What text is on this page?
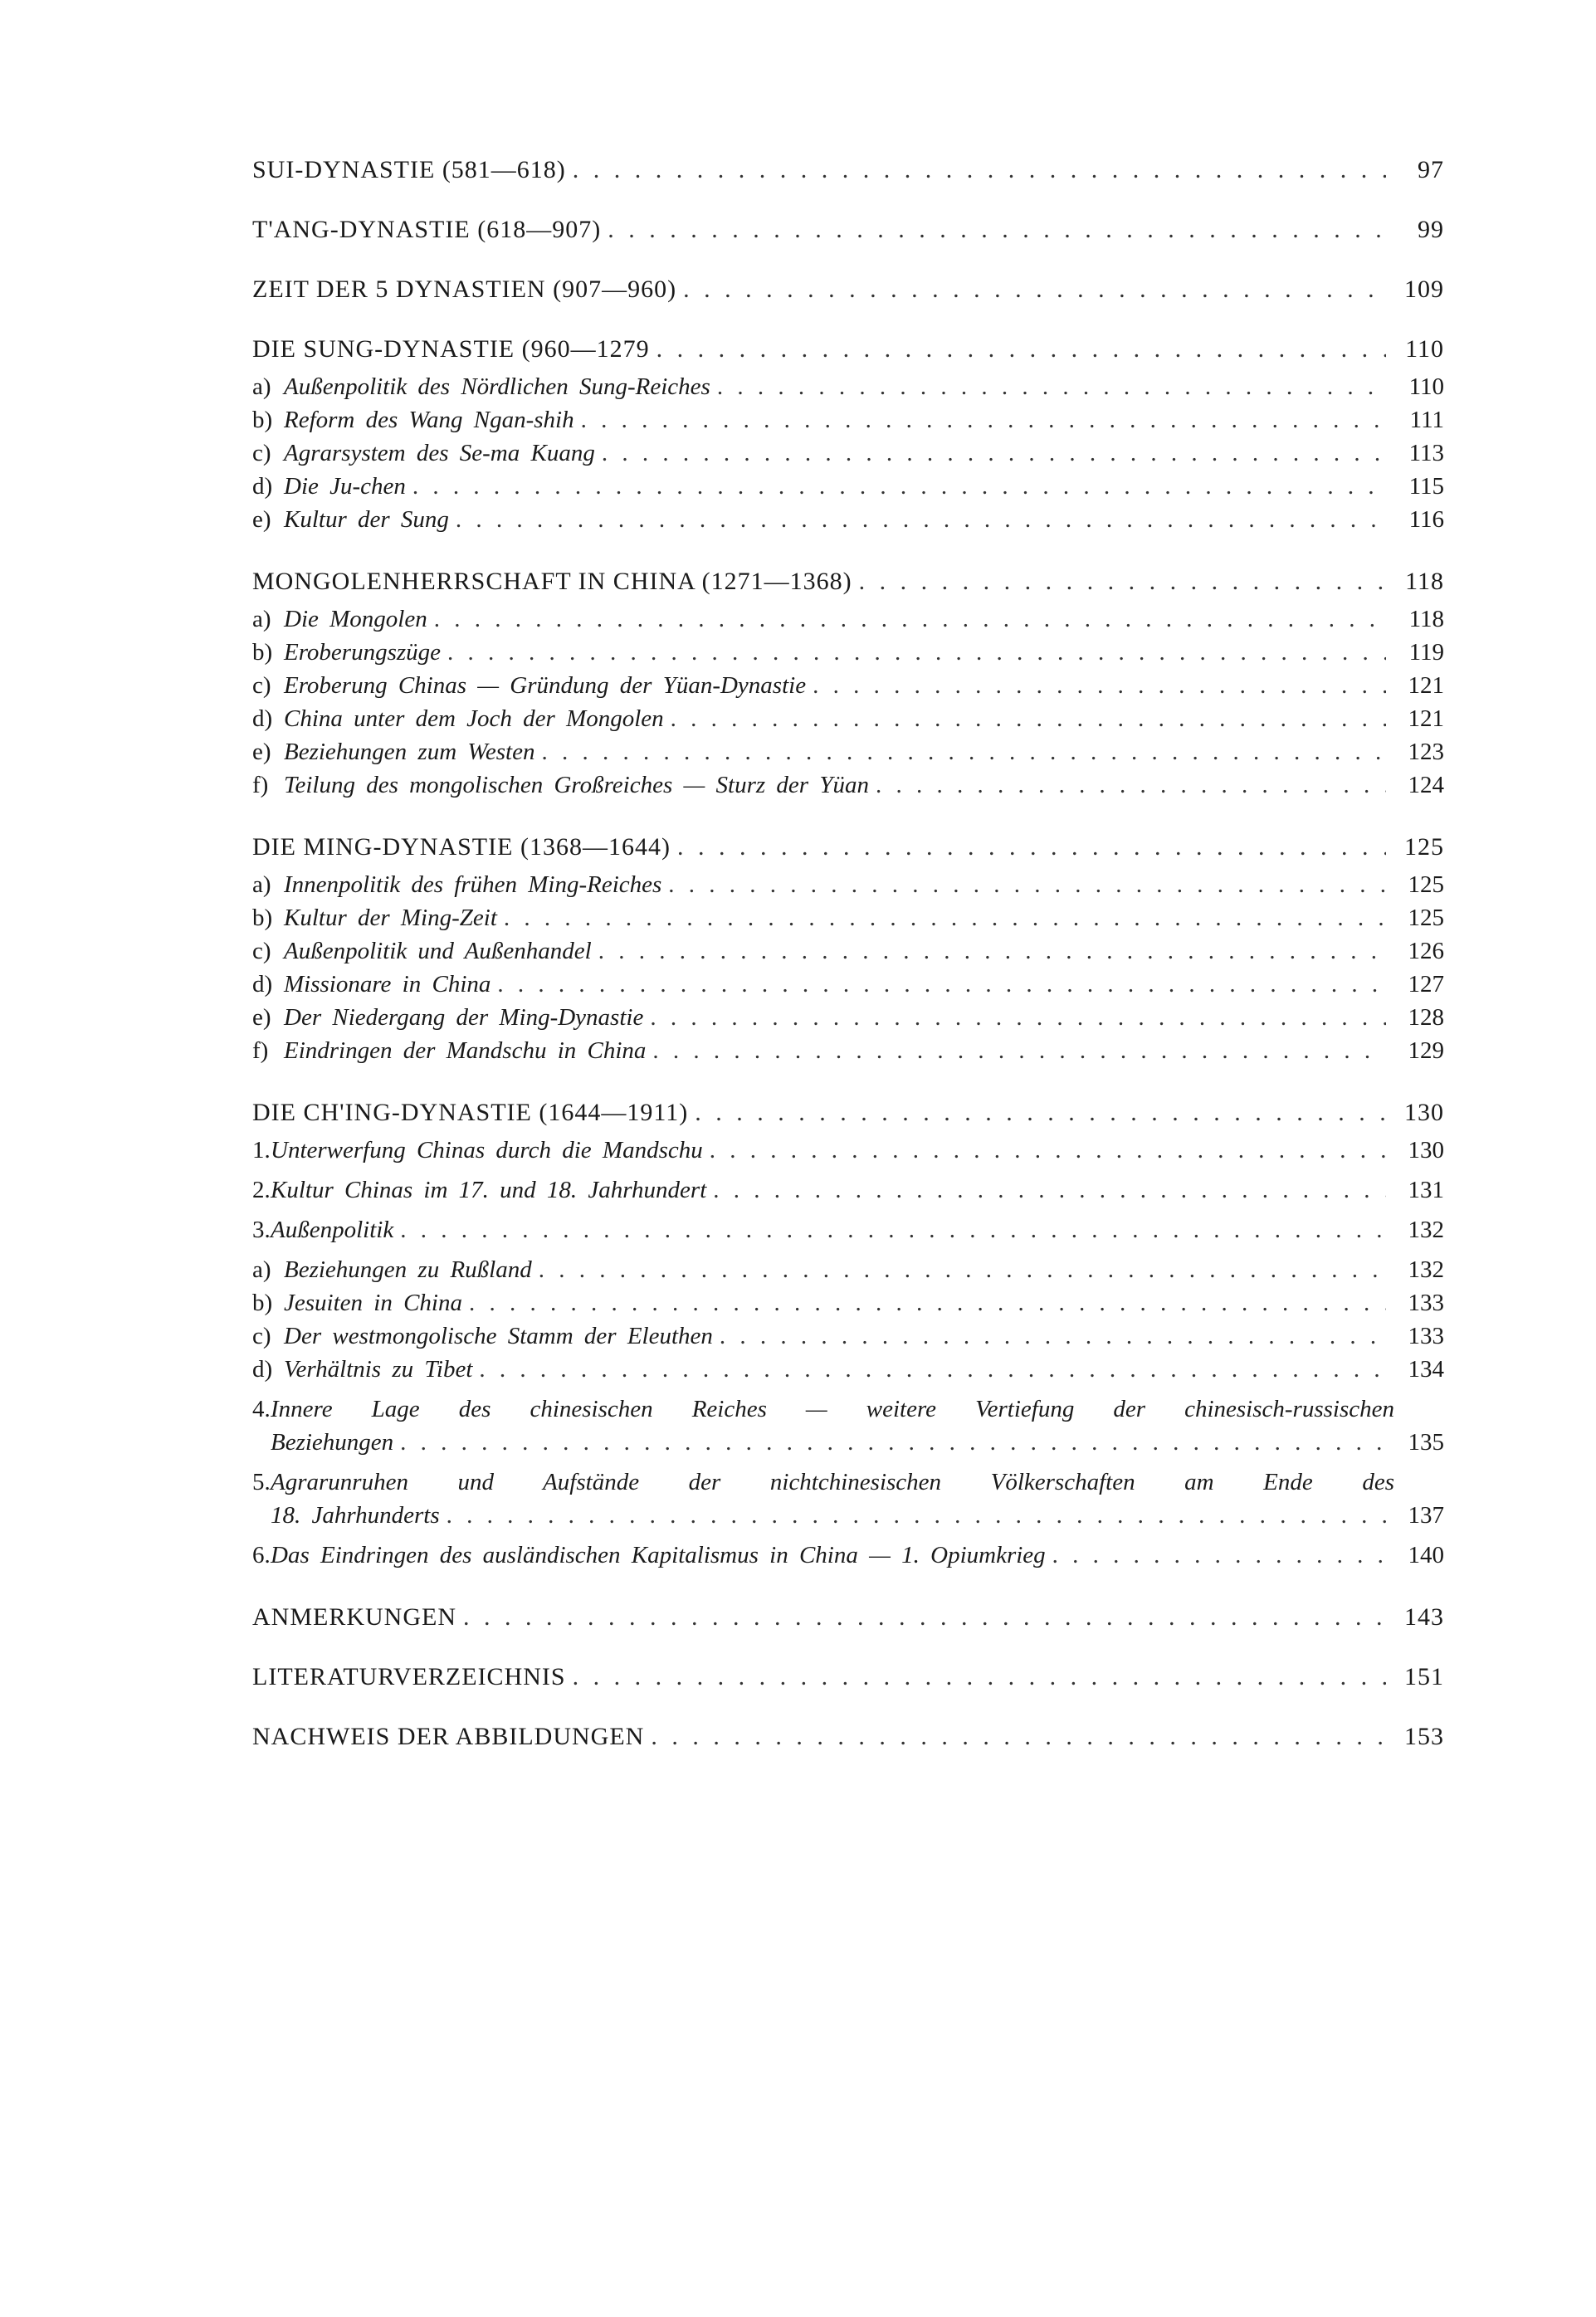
SUI-DYNASTIE (581—618) . . .	97
T'ANG-DYNASTIE (618—907) . . .	99
ZEIT DER 5 DYNASTIEN (907—960) . . .	109
DIE SUNG-DYNASTIE (960—1279 . . .	110
a) Außenpolitik des Nördlichen Sung-Reiches . . .	110
b) Reform des Wang Ngan-shih . . .	111
c) Agrarsystem des Se-ma Kuang . . .	113
d) Die Ju-chen . . .	115
e) Kultur der Sung . . .	116
MONGOLENHERRSCHAFT IN CHINA (1271—1368) . . .	118
a) Die Mongolen . . .	118
b) Eroberungszüge . . .	119
c) Eroberung Chinas — Gründung der Yüan-Dynastie . . .	121
d) China unter dem Joch der Mongolen . . .	121
e) Beziehungen zum Westen . . .	123
f) Teilung des mongolischen Großreiches — Sturz der Yüan . . .	124
DIE MING-DYNASTIE (1368—1644) . . .	125
a) Innenpolitik des frühen Ming-Reiches . . .	125
b) Kultur der Ming-Zeit . . .	125
c) Außenpolitik und Außenhandel . . .	126
d) Missionare in China . . .	127
e) Der Niedergang der Ming-Dynastie . . .	128
f) Eindringen der Mandschu in China . . .	129
DIE CH'ING-DYNASTIE (1644—1911) . . .	130
1.Unterwerfung Chinas durch die Mandschu . . .	130
2.Kultur Chinas im 17. und 18. Jahrhundert . . .	131
3.Außenpolitik . . .	132
a) Beziehungen zu Rußland . . .	132
b) Jesuiten in China . . .	133
c) Der westmongolische Stamm der Eleuthen . . .	133
d) Verhältnis zu Tibet . . .	134
4. Innere Lage des chinesischen Reiches — weitere Vertiefung der chinesisch-russischen
Beziehungen . . .	135
5. Agrarunruhen und Aufstände der nichtchinesischen Völkerschaften am Ende des
18. Jahrhunderts . . .	137
6.Das Eindringen des ausländischen Kapitalismus in China — 1. Opiumkrieg . . .	140
ANMERKUNGEN . . .	143
LITERATURVERZEICHNIS . . .	151
NACHWEIS DER ABBILDUNGEN . . .	153
